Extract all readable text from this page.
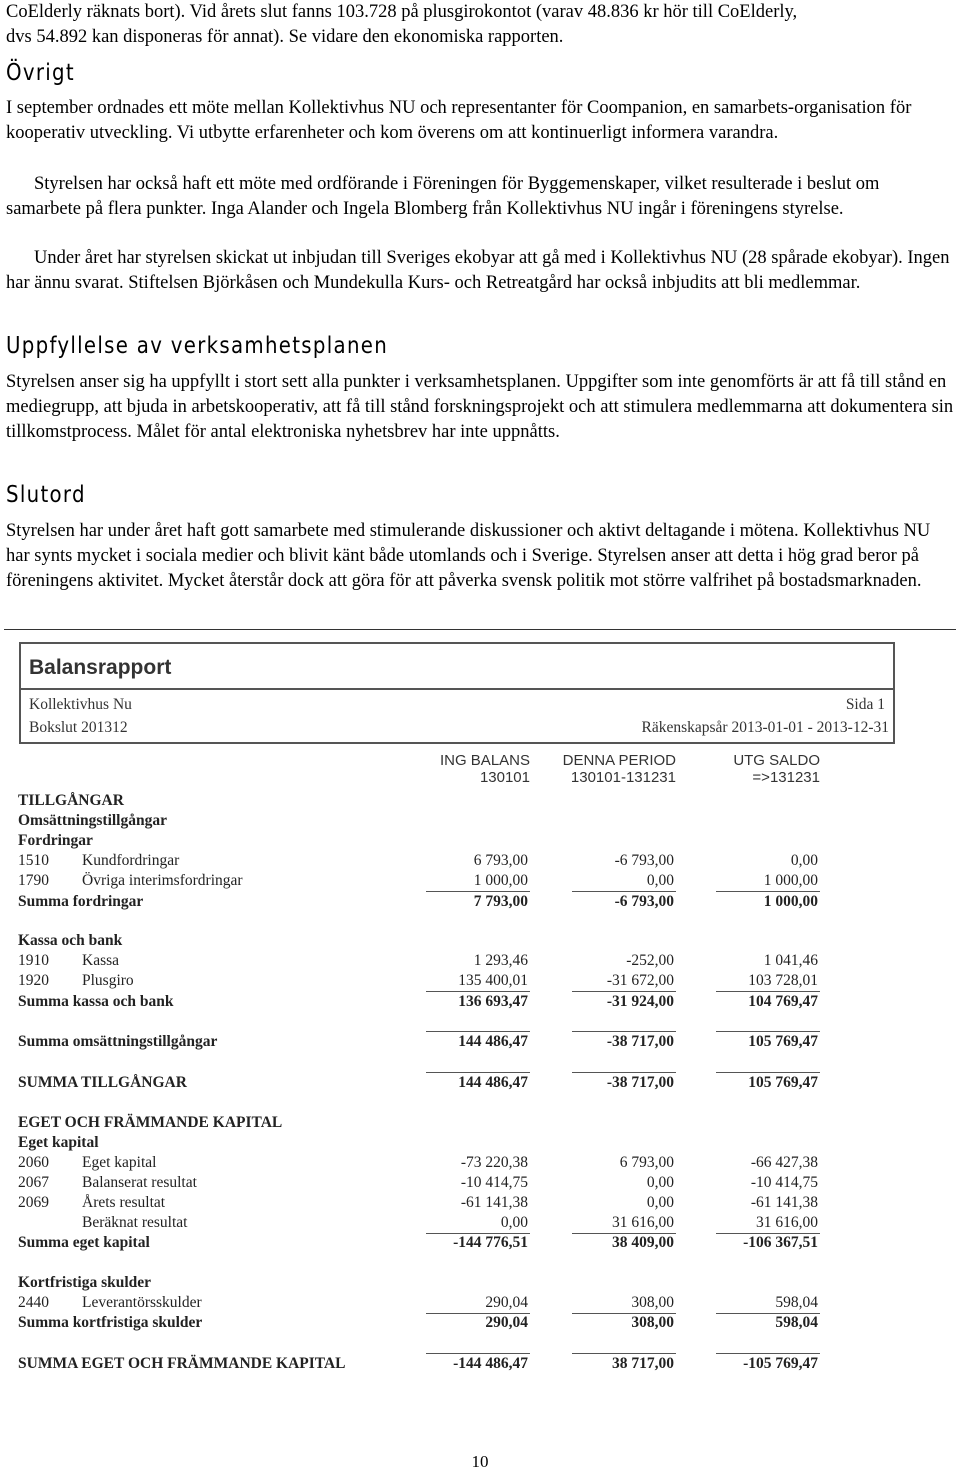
CoElderly räknats bort). Vid årets slut fanns 103.728 på plusgirokontot (varav 48.836 kr hör till CoElderly,
dvs 54.892 kan disponeras för annat). Se vidare den ekonomiska rapporten.

Övrigt

I september ordnades ett möte mellan Kollektivhus NU och representanter för Coompanion, en samarbets-organisation för kooperativ utveckling. Vi utbytte erfarenheter och kom överens om att kontinuerligt informera varandra.

Styrelsen har också haft ett möte med ordförande i Föreningen för Byggemenskaper, vilket resulterade i beslut om samarbete på flera punkter. Inga Alander och Ingela Blomberg från Kollektivhus NU ingår i föreningens styrelse.

Under året har styrelsen skickat ut inbjudan till Sveriges ekobyar att gå med i Kollektivhus NU (28 spårade ekobyar). Ingen har ännu svarat. Stiftelsen Björkåsen och Mundekulla Kurs- och Retreatgård har också inbjudits att bli medlemmar.

Uppfyllelse av verksamhetsplanen

Styrelsen anser sig ha uppfyllt i stort sett alla punkter i verksamhetsplanen. Uppgifter som inte genomförts är att få till stånd en mediegrupp, att bjuda in arbetskooperativ, att få till stånd forskningsprojekt och att stimulera medlemmarna att dokumentera sin tillkomstprocess. Målet för antal elektroniska nyhetsbrev har inte uppnåtts.

Slutord

Styrelsen har under året haft gott samarbete med stimulerande diskussioner och aktivt deltagande i mötena. Kollektivhus NU har synts mycket i sociala medier och blivit känt både utomlands och i Sverige. Styrelsen anser att detta i hög grad beror på föreningens aktivitet. Mycket återstår dock att göra för att påverka svensk politik mot större valfrihet på bostadsmarknaden.

Balansrapport
Kollektivhus Nu
Bokslut 201312
Sida 1
Räkenskapsår 2013-01-01 - 2013-12-31
ING BALANS
130101
DENNA PERIOD
130101-131231
UTG SALDO
=>131231
TILLGÅNGAR
Omsättningstillgångar
Fordringar
1510 Kundfordringar	6 793,00	-6 793,00	0,00
1790 Övriga interimsfordringar	1 000,00	0,00	1 000,00
Summa fordringar	7 793,00	-6 793,00	1 000,00
Kassa och bank
1910 Kassa	1 293,46	-252,00	1 041,46
1920 Plusgiro	135 400,01	-31 672,00	103 728,01
Summa kassa och bank	136 693,47	-31 924,00	104 769,47
Summa omsättningstillgångar	144 486,47	-38 717,00	105 769,47
SUMMA TILLGÅNGAR	144 486,47	-38 717,00	105 769,47
EGET OCH FRÄMMANDE KAPITAL
Eget kapital
2060 Eget kapital	-73 220,38	6 793,00	-66 427,38
2067 Balanserat resultat	-10 414,75	0,00	-10 414,75
2069 Årets resultat	-61 141,38	0,00	-61 141,38
Beräknat resultat	0,00	31 616,00	31 616,00
Summa eget kapital	-144 776,51	38 409,00	-106 367,51
Kortfristiga skulder
2440 Leverantörsskulder	290,04	308,00	598,04
Summa kortfristiga skulder	290,04	308,00	598,04
SUMMA EGET OCH FRÄMMANDE KAPITAL	-144 486,47	38 717,00	-105 769,47
10
